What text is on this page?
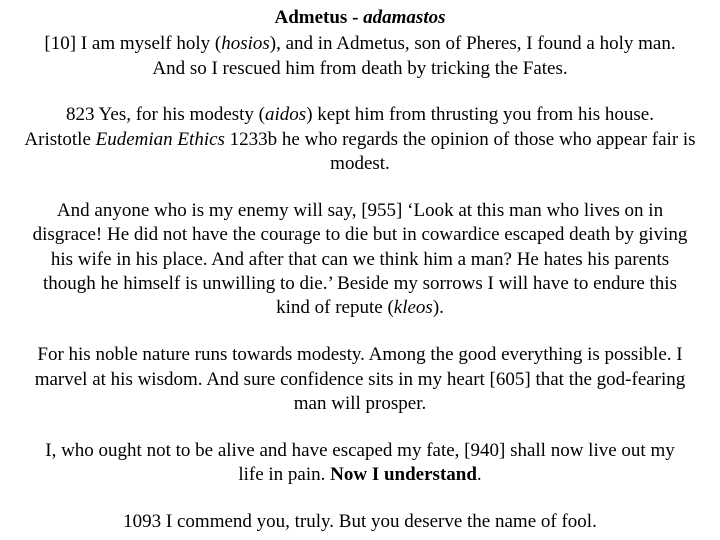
Admetus - adamastos
[10] I am myself holy (hosios), and in Admetus, son of Pheres, I found a holy man.
And so I rescued him from death by tricking the Fates.
823 Yes, for his modesty (aidos) kept him from thrusting you from his house.
Aristotle Eudemian Ethics 1233b he who regards the opinion of those who appear fair is
modest.
And anyone who is my enemy will say, [955] ‘Look at this man who lives on in
disgrace! He did not have the courage to die but in cowardice escaped death by giving
his wife in his place. And after that can we think him a man? He hates his parents
though he himself is unwilling to die.’ Beside my sorrows I will have to endure this
kind of repute (kleos).
For his noble nature runs towards modesty. Among the good everything is possible. I
marvel at his wisdom. And sure confidence sits in my heart [605] that the god-fearing
man will prosper.
I, who ought not to be alive and have escaped my fate, [940] shall now live out my
life in pain. Now I understand.
1093 I commend you, truly. But you deserve the name of fool.
